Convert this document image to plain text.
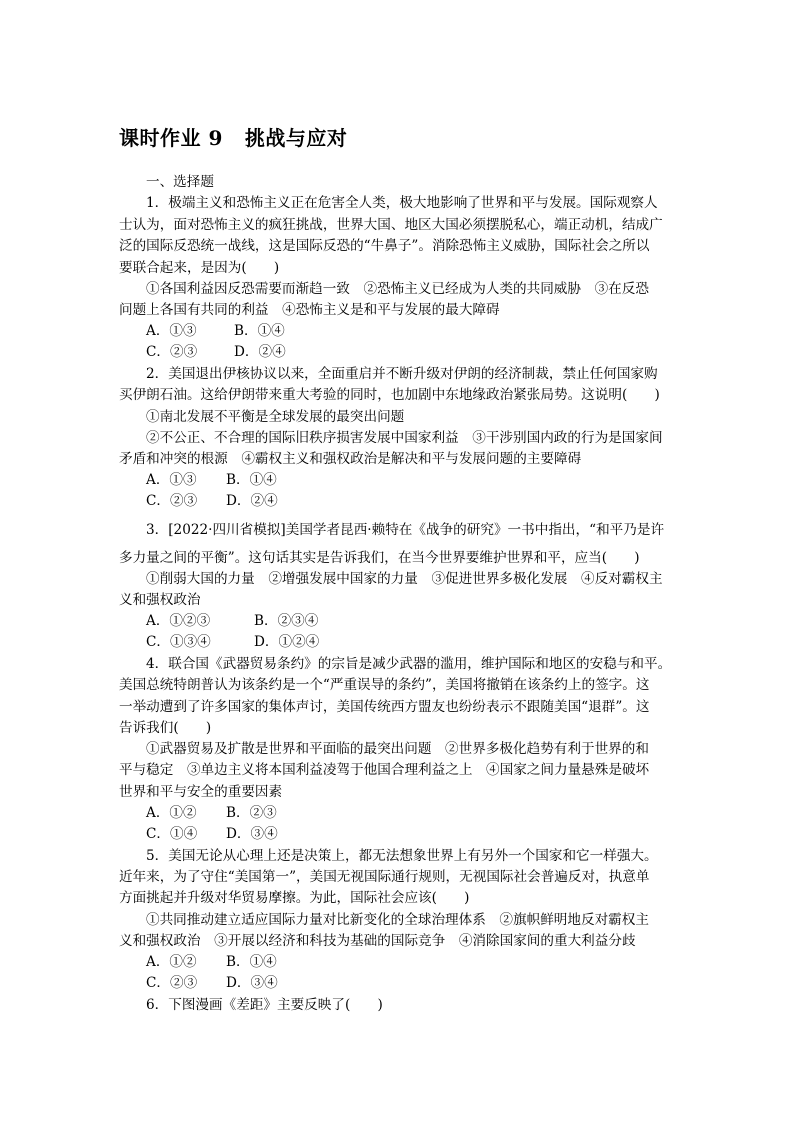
课时作业 9 挑战与应对
一、选择题
1．极端主义和恐怖主义正在危害全人类，极大地影响了世界和平与发展。国际观察人
士认为，面对恐怖主义的疯狂挑战，世界大国、地区大国必须摆脱私心，端正动机，结成广
泛的国际反恐统一战线，这是国际反恐的“牛鼻子”。消除恐怖主义威胁，国际社会之所以
要联合起来，是因为(　　)
①各国利益因反恐需要而渐趋一致　②恐怖主义已经成为人类的共同威胁　③在反恐
问题上各国有共同的利益　④恐怖主义是和平与发展的最大障碍
A．①③	B．①④
C．②③	D．②④
2．美国退出伊核协议以来，全面重启并不断升级对伊朗的经济制裁，禁止任何国家购
买伊朗石油。这给伊朗带来重大考验的同时，也加剧中东地缘政治紧张局势。这说明(　　)
①南北发展不平衡是全球发展的最突出问题
②不公正、不合理的国际旧秩序损害发展中国家利益　③干涉别国内政的行为是国家间
矛盾和冲突的根源　④霸权主义和强权政治是解决和平与发展问题的主要障碍
A．①③ B．①④
C．②③ D．②④
3．[2022·四川省模拟]美国学者昆西·赖特在《战争的研究》一书中指出，“和平乃是许
多力量之间的平衡”。这句话其实是告诉我们，在当今世界要维护世界和平，应当(　　)
①削弱大国的力量　②增强发展中国家的力量　③促进世界多极化发展　④反对霸权主
义和强权政治
A．①②③	B．②③④
C．①③④	D．①②④
4．联合国《武器贸易条约》的宗旨是减少武器的滥用，维护国际和地区的安稳与和平。
美国总统特朗普认为该条约是一个“严重误导的条约”，美国将撤销在该条约上的签字。这
一举动遭到了许多国家的集体声讨，美国传统西方盟友也纷纷表示不跟随美国“退群”。这
告诉我们(　　)
①武器贸易及扩散是世界和平面临的最突出问题　②世界多极化趋势有利于世界的和
平与稳定　③单边主义将本国利益凌驾于他国合理利益之上　④国家之间力量悬殊是破坏
世界和平与安全的重要因素
A．①② B．②③
C．①④ D．③④
5．美国无论从心理上还是决策上，都无法想象世界上有另外一个国家和它一样强大。
近年来，为了守住“美国第一”，美国无视国际通行规则，无视国际社会普遍反对，执意单
方面挑起并升级对华贸易摩擦。为此，国际社会应该(　　)
①共同推动建立适应国际力量对比新变化的全球治理体系　②旗帜鲜明地反对霸权主
义和强权政治　③开展以经济和科技为基础的国际竞争　④消除国家间的重大利益分歧
A．①② B．①④
C．②③ D．③④
6．下图漫画《差距》主要反映了(　　)
